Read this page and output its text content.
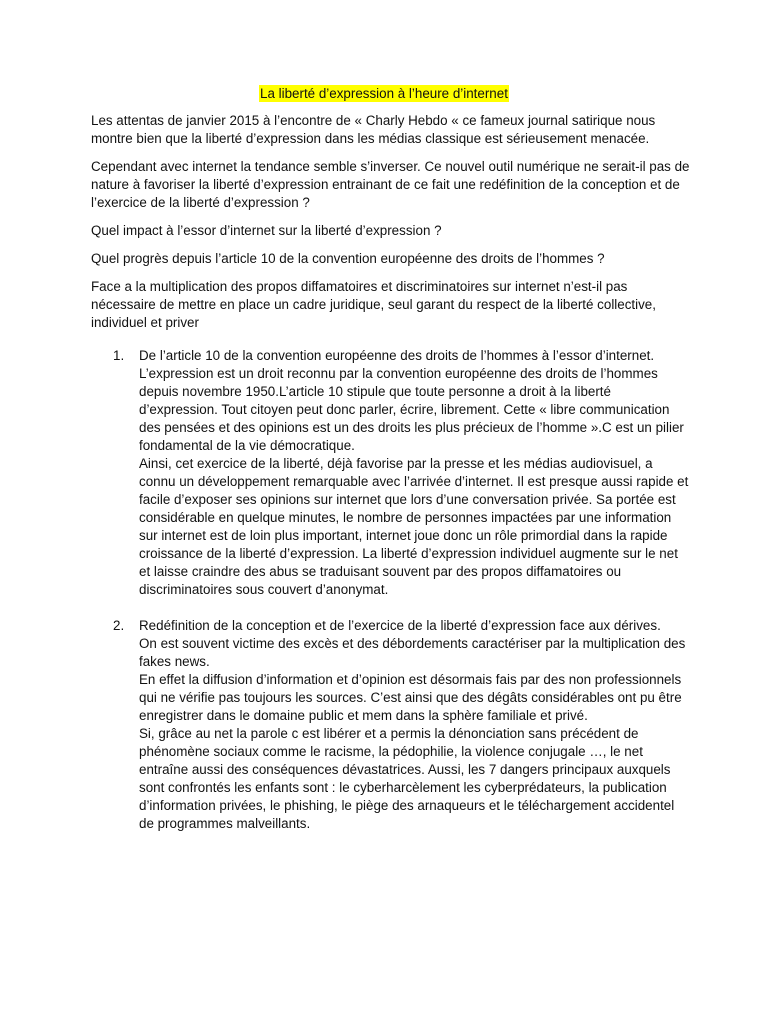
La liberté d’expression à l’heure d’internet

Les attentas de janvier 2015 à l’encontre de « Charly Hebdo « ce fameux journal satirique nous montre bien que la liberté d’expression dans les médias classique est sérieusement menacée.

Cependant avec internet la tendance semble s’inverser. Ce nouvel outil numérique ne serait-il pas de nature à favoriser la liberté d’expression entrainant de ce fait une redéfinition de la conception et de l’exercice de la liberté d’expression ?

Quel impact à l’essor d’internet sur la liberté d’expression ?

Quel progrès depuis l’article 10 de la convention européenne des droits de l’hommes ?

Face a la multiplication des propos diffamatoires et discriminatoires sur internet n’est-il pas nécessaire de mettre en place un cadre juridique, seul garant du respect de la liberté collective, individuel et priver

1. De l’article 10 de la convention européenne des droits de l’hommes à l’essor d’internet.
L’expression est un droit reconnu par la convention européenne des droits de l’hommes depuis novembre 1950.L’article 10 stipule que toute personne a droit à la liberté d’expression. Tout citoyen peut donc parler, écrire, librement. Cette « libre communication des pensées et des opinions est un des droits les plus précieux de l’homme ».C est un pilier fondamental de la vie démocratique.
Ainsi, cet exercice de la liberté, déjà favorise par la presse et les médias audiovisuel, a connu un développement remarquable avec l’arrivée d’internet. Il est presque aussi rapide et facile d’exposer ses opinions sur internet que lors d’une conversation privée. Sa portée est considérable en quelque minutes, le nombre de personnes impactées par une information sur internet est de loin plus important, internet joue donc un rôle primordial dans la rapide croissance de la liberté d’expression. La liberté d’expression individuel augmente sur le net et laisse craindre des abus se traduisant souvent par des propos diffamatoires ou discriminatoires sous couvert d’anonymat.
2. Redéfinition de la conception et de l’exercice de la liberté d’expression face aux dérives.
On est souvent victime des excès et des débordements caractériser par la multiplication des fakes news.
En effet la diffusion d’information et d’opinion est désormais fais par des non professionnels qui ne vérifie pas toujours les sources. C’est ainsi que des dégâts considérables ont pu être enregistrer dans le domaine public et mem dans la sphère familiale et privé.
Si, grâce au net la parole c est libérer et a permis la dénonciation sans précédent de phénomène sociaux comme le racisme, la pédophilie, la violence conjugale …, le net entraîne aussi des conséquences dévastatrices. Aussi, les 7 dangers principaux auxquels sont confrontés les enfants sont : le cyberharcèlement les cyberprédateurs, la publication d’information privées, le phishing, le piège des arnaqueurs et le téléchargement accidentel de programmes malveillants.
